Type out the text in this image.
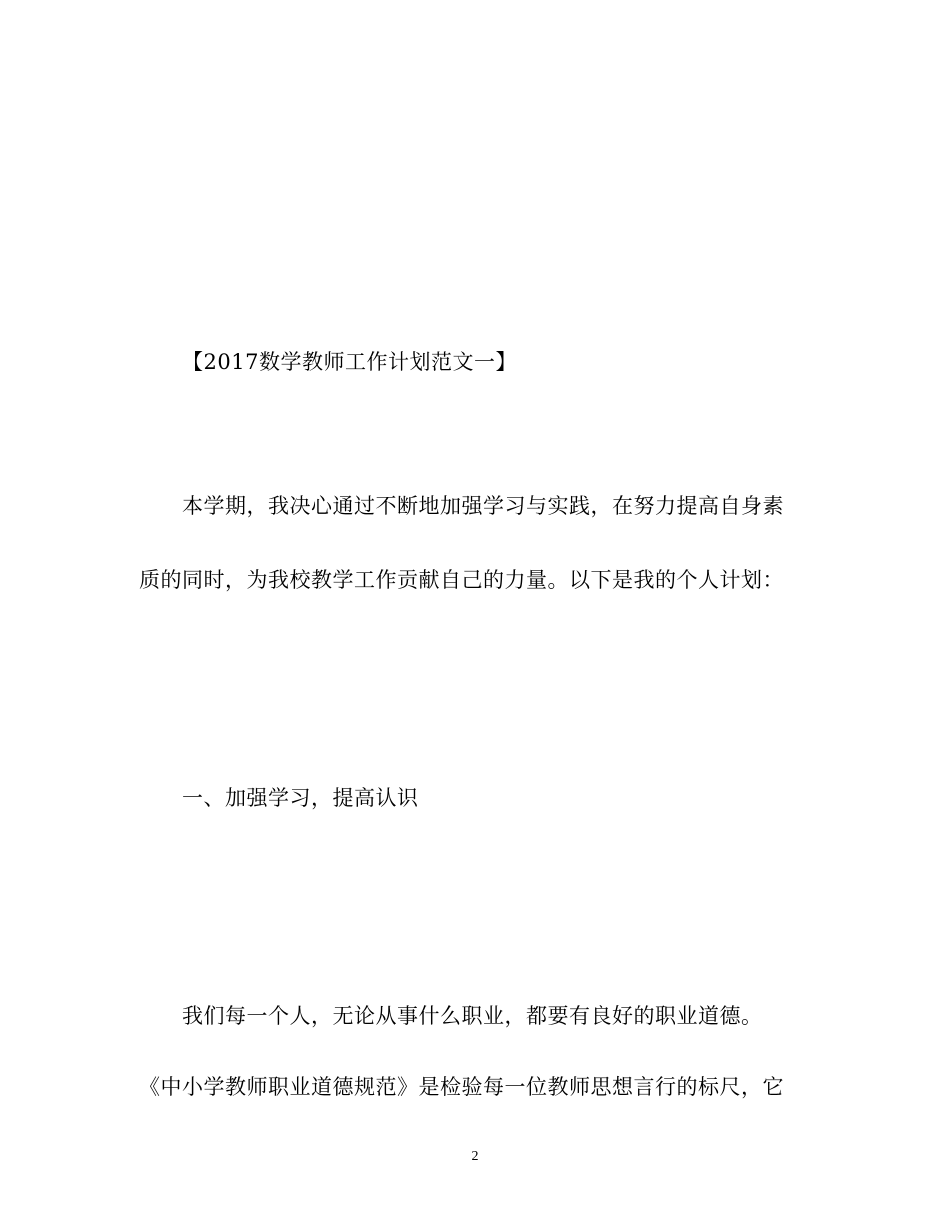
【2017数学教师工作计划范文一】
本学期，我决心通过不断地加强学习与实践，在努力提高自身素
质的同时，为我校教学工作贡献自己的力量。以下是我的个人计划：
一、加强学习，提高认识
我们每一个人，无论从事什么职业，都要有良好的职业道德。
《中小学教师职业道德规范》是检验每一位教师思想言行的标尺，它
2
